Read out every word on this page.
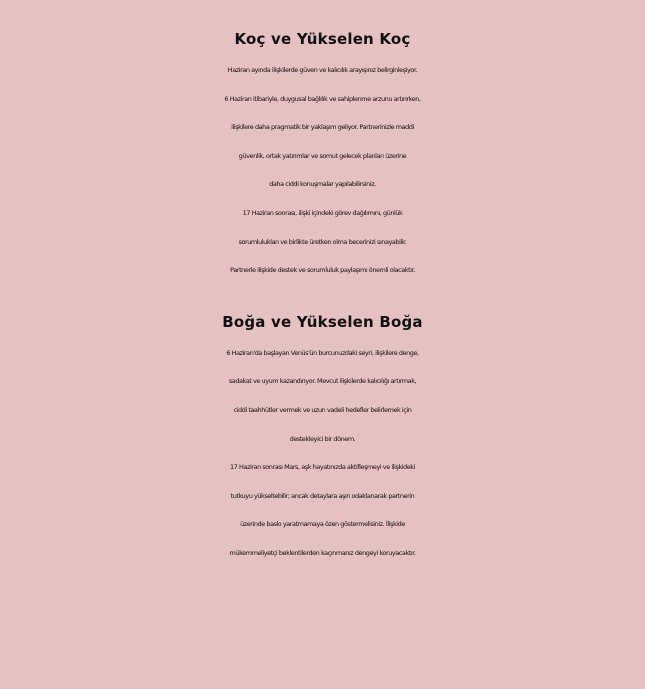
Koç ve Yükselen Koç

Haziran ayında ilişkilerde güven ve kalıcılık arayışınız belirginleşiyor.

6 Haziran itibariyle, duygusal bağlılık ve sahiplenme arzunu artırırken,

ilişkilere daha pragmatik bir yaklaşım geliyor. Partnerinizle maddi

güvenlik, ortak yatırımlar ve somut gelecek planları üzerine

daha ciddi konuşmalar yapılabilirsiniz.

17 Haziran sonrası, ilişki içindeki görev dağılımını, günlük

sorumlulukları ve birlikte üretken olma becerinizi sınayabilir.

Partnerle ilişkide destek ve sorumluluk paylaşımı önemli olacaktır.

Boğa ve Yükselen Boğa

6 Haziran'da başlayan Venüs'ün burcunuzdaki seyri, ilişkilere denge,

sadakat ve uyum kazandırıyor. Mevcut ilişkilerde kalıcılığı artırmak,

ciddi taahhütler vermek ve uzun vadeli hedefler belirlemek için

destekleyici bir dönem.

17 Haziran sonrası Mars, aşk hayatınızda aktifleşmeyi ve ilişkideki

tutkuyu yükseltebilir; ancak detaylara aşırı odaklanarak partnerin

üzerinde baskı yaratmamaya özen göstermelisiniz. İlişkide

mükemmeliyetçi beklentilerden kaçınmanız dengeyi koruyacaktır.
